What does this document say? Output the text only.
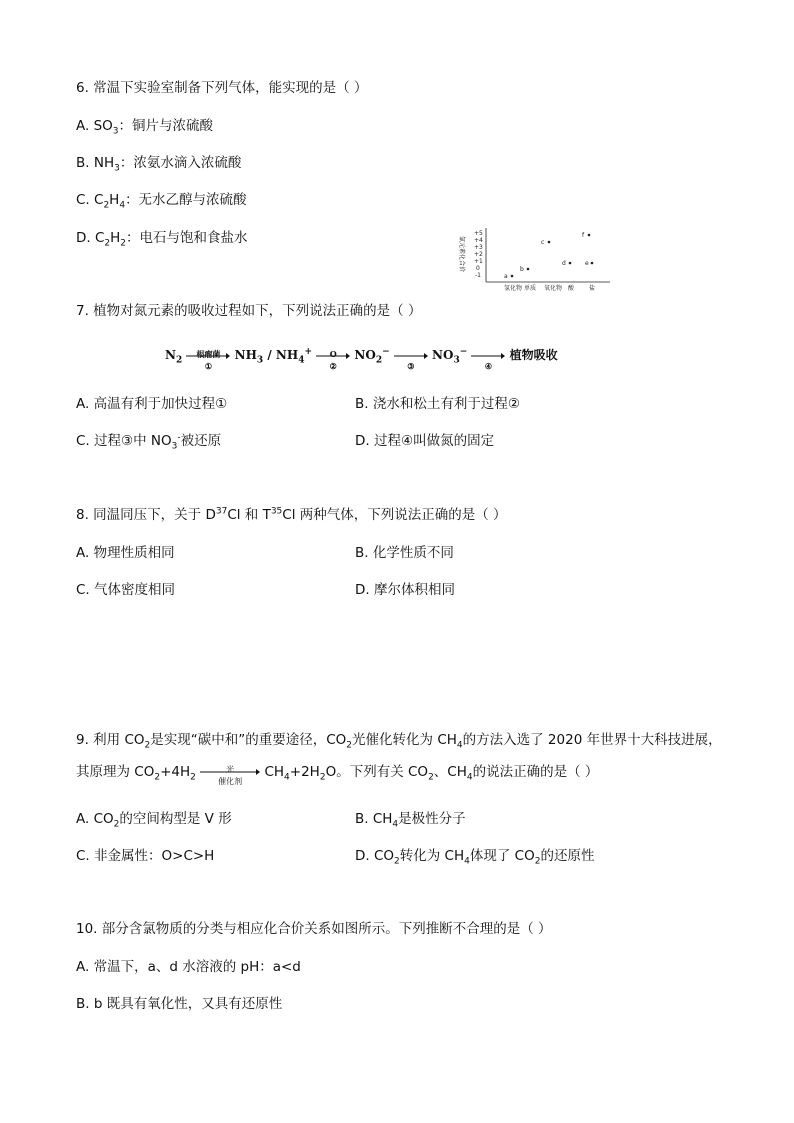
6. 常温下实验室制备下列气体，能实现的是（ ）
A. $SO_3$：铜片与浓硫酸
B. $NH_3$：浓氨水滴入浓硫酸
C. $C_2H_4$：无水乙醇与浓硫酸
D. $C_2H_2$：电石与饱和食盐水	氯元素化合价
+5
+4
+3
+2
+1
0
-1	a
b
c
d	e
f
氢化物 单质 氧化物 酸 盐
7. 植物对氮元素的吸收过程如下，下列说法正确的是（ ）
$N_2$
根瘤菌
①
$NH_3 / NH_4^+$	O
②
$NO_2^-$
③
$NO_3^-$
④
植物吸收
A. 高温有利于加快过程①	B. 浇水和松土有利于过程②
C. 过程③中 $NO_3^-$被还原	D. 过程④叫做氮的固定
8. 同温同压下，关于 $D^{37}Cl$ 和 $T^{35}Cl$ 两种气体，下列说法正确的是（ ）
A. 物理性质相同	B. 化学性质不同
C. 气体密度相同	D. 摩尔体积相同
9. 利用 $CO_2$是实现“碳中和”的重要途径，$CO_2$光催化转化为 $CH_4$的方法入选了 2020 年世界十大科技进展，
其原理为 $CO_2+4H_2$
光
催化剂
$CH_4+2H_2O$。下列有关 $CO_2$、$CH_4$的说法正确的是（ ）
A. $CO_2$的空间构型是 V 形	B. $CH_4$是极性分子
C. 非金属性：O>C>H	D. $CO_2$转化为 $CH_4$体现了 $CO_2$的还原性
10. 部分含氯物质的分类与相应化合价关系如图所示。下列推断不合理的是（ ）
A. 常温下，a、d 水溶液的 pH：a<d
B. b 既具有氧化性，又具有还原性
